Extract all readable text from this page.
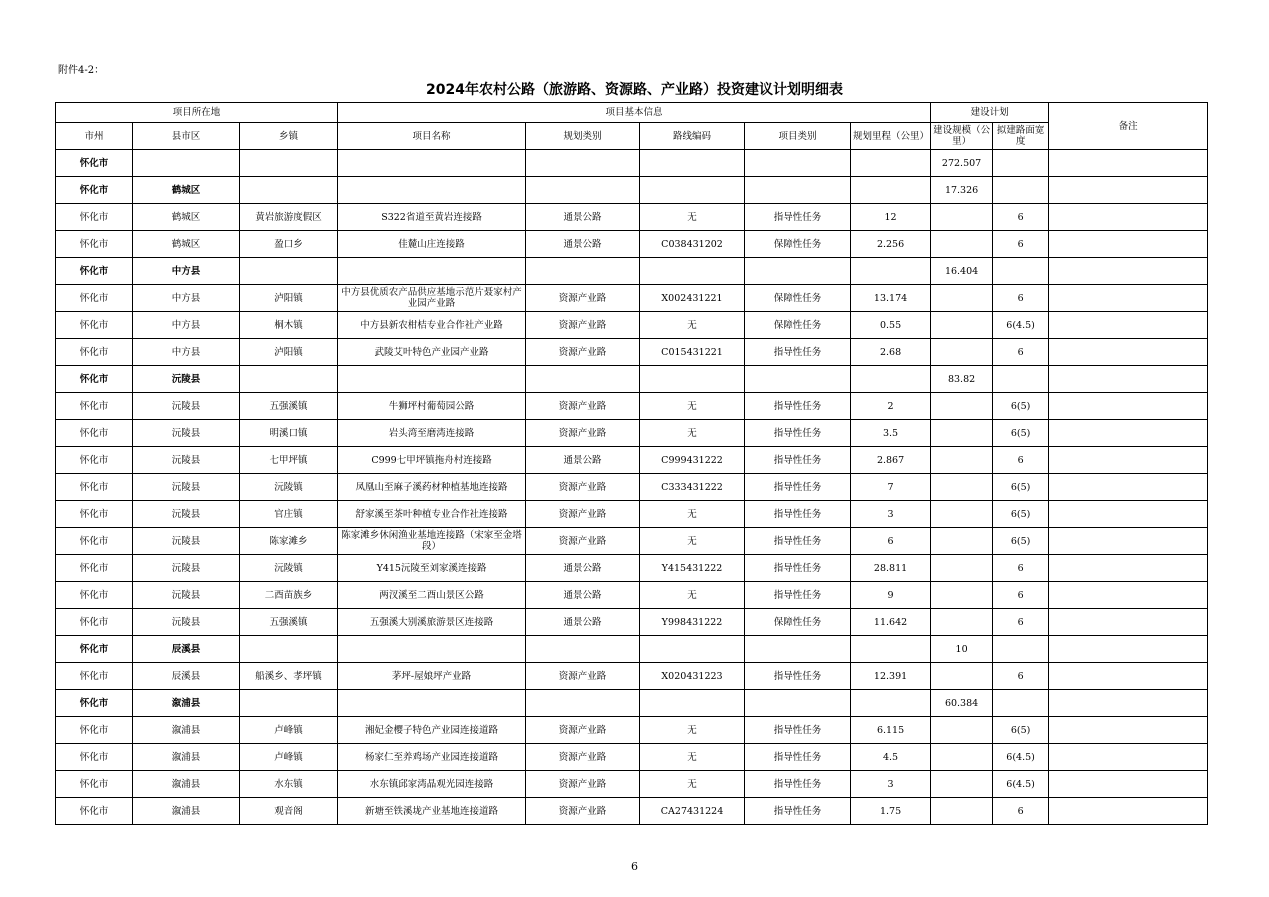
附件4-2：
2024年农村公路（旅游路、资源路、产业路）投资建议计划明细表
项目所在地			项目基本信息					建设计划		备注
市州	县市区	乡镇	项目名称	规划类别	路线编码	项目类别	规划里程（公里）	建设规模（公里）	拟建路面宽度	
怀化市								272.507		
怀化市	鹤城区							17.326		
怀化市	鹤城区	黄岩旅游度假区	S322省道至黄岩连接路	通景公路	无	指导性任务	12		6	
怀化市	鹤城区	盈口乡	佳麓山庄连接路	通景公路	C038431202	保障性任务	2.256		6	
怀化市	中方县							16.404		
怀化市	中方县	泸阳镇	中方县优质农产品供应基地示范片聂家村产业园产业路	资源产业路	X002431221	保障性任务	13.174		6	
怀化市	中方县	桐木镇	中方县新农柑桔专业合作社产业路	资源产业路	无	保障性任务	0.55		6(4.5)	
怀化市	中方县	泸阳镇	武陵艾叶特色产业园产业路	资源产业路	C015431221	指导性任务	2.68		6	
怀化市	沅陵县							83.82		
怀化市	沅陵县	五强溪镇	牛狮坪村葡萄园公路	资源产业路	无	指导性任务	2		6(5)	
怀化市	沅陵县	明溪口镇	岩头湾至磨湾连接路	资源产业路	无	指导性任务	3.5		6(5)	
怀化市	沅陵县	七甲坪镇	C999七甲坪镇拖舟村连接路	通景公路	C999431222	指导性任务	2.867		6	
怀化市	沅陵县	沅陵镇	凤凰山至麻子溪药材种植基地连接路	资源产业路	C333431222	指导性任务	7		6(5)	
怀化市	沅陵县	官庄镇	舒家溪至茶叶种植专业合作社连接路	资源产业路	无	指导性任务	3		6(5)	
怀化市	沅陵县	陈家滩乡	陈家滩乡休闲渔业基地连接路（宋家至金塔段）	资源产业路	无	指导性任务	6		6(5)	
怀化市	沅陵县	沅陵镇	Y415沅陵至刘家溪连接路	通景公路	Y415431222	指导性任务	28.811		6	
怀化市	沅陵县	二酉苗族乡	两汊溪至二酉山景区公路	通景公路	无	指导性任务	9		6	
怀化市	沅陵县	五强溪镇	五强溪大别溪旅游景区连接路	通景公路	Y998431222	保障性任务	11.642		6	
怀化市	辰溪县							10		
怀化市	辰溪县	船溪乡、孝坪镇	茅坪-屋娘坪产业路	资源产业路	X020431223	指导性任务	12.391		6	
怀化市	溆浦县							60.384		
怀化市	溆浦县	卢峰镇	湘妃金樱子特色产业园连接道路	资源产业路	无	指导性任务	6.115		6(5)	
怀化市	溆浦县	卢峰镇	杨家仁至养鸡场产业园连接道路	资源产业路	无	指导性任务	4.5		6(4.5)	
怀化市	溆浦县	水东镇	水东镇邱家湾晶观光园连接路	资源产业路	无	指导性任务	3		6(4.5)	
怀化市	溆浦县	观音阁	新塘至铁溪垅产业基地连接道路	资源产业路	CA27431224	指导性任务	1.75		6	
6
